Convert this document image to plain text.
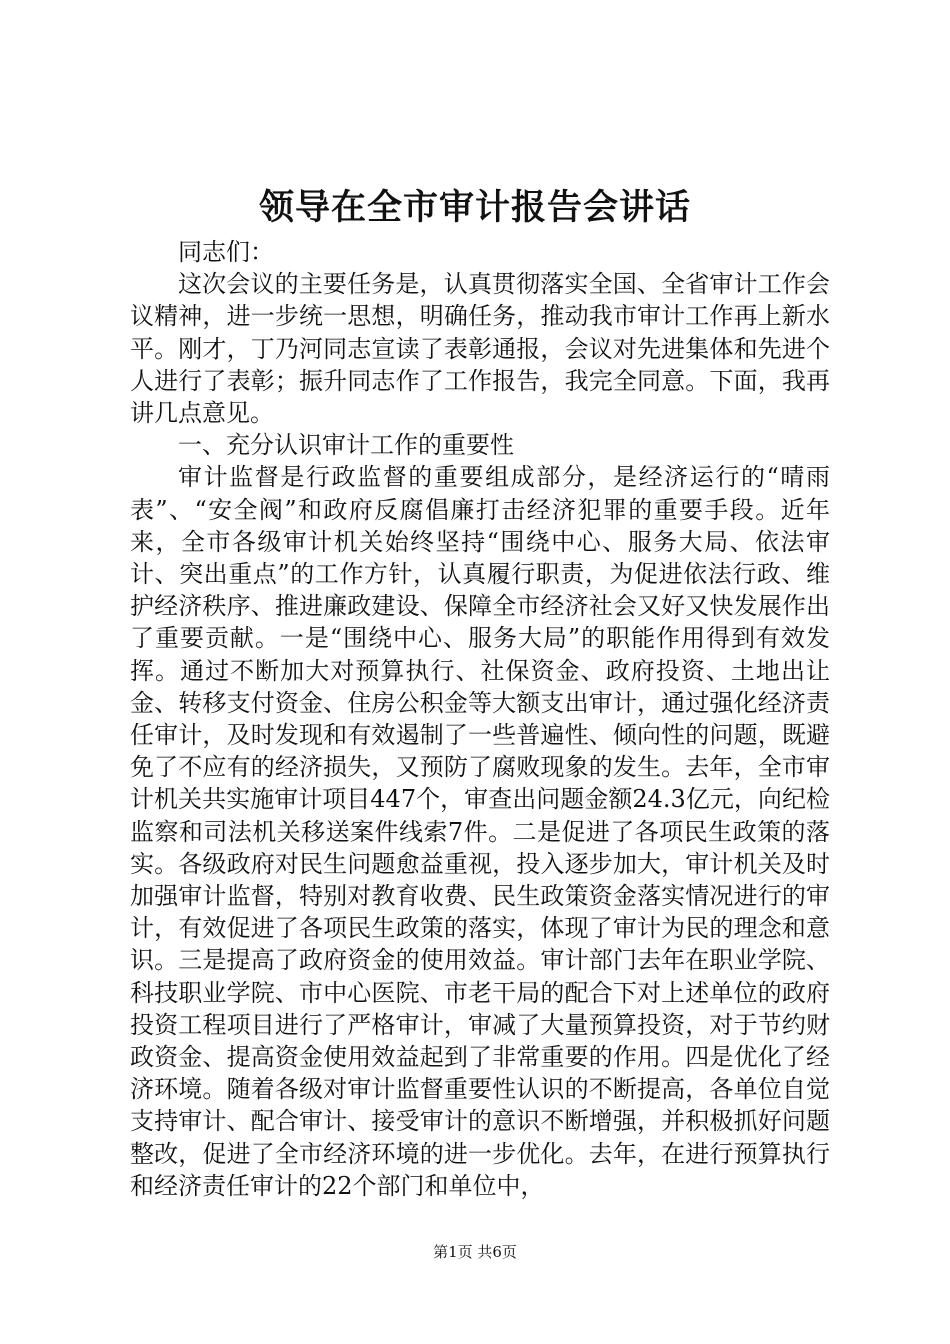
领导在全市审计报告会讲话

同志们：

这次会议的主要任务是，认真贯彻落实全国、全省审计工作会议精神，进一步统一思想，明确任务，推动我市审计工作再上新水平。刚才，丁乃河同志宣读了表彰通报，会议对先进集体和先进个人进行了表彰；振升同志作了工作报告，我完全同意。下面，我再讲几点意见。

一、充分认识审计工作的重要性

审计监督是行政监督的重要组成部分，是经济运行的“晴雨表”、“安全阀”和政府反腐倡廉打击经济犯罪的重要手段。近年来，全市各级审计机关始终坚持“围绕中心、服务大局、依法审计、突出重点”的工作方针，认真履行职责，为促进依法行政、维护经济秩序、推进廉政建设、保障全市经济社会又好又快发展作出了重要贡献。一是“围绕中心、服务大局”的职能作用得到有效发挥。通过不断加大对预算执行、社保资金、政府投资、土地出让金、转移支付资金、住房公积金等大额支出审计，通过强化经济责任审计，及时发现和有效遏制了一些普遍性、倾向性的问题，既避免了不应有的经济损失，又预防了腐败现象的发生。去年，全市审计机关共实施审计项目447个，审查出问题金额24.3亿元，向纪检监察和司法机关移送案件线索7件。二是促进了各项民生政策的落实。各级政府对民生问题愈益重视，投入逐步加大，审计机关及时加强审计监督，特别对教育收费、民生政策资金落实情况进行的审计，有效促进了各项民生政策的落实，体现了审计为民的理念和意识。三是提高了政府资金的使用效益。审计部门去年在职业学院、科技职业学院、市中心医院、市老干局的配合下对上述单位的政府投资工程项目进行了严格审计，审减了大量预算投资，对于节约财政资金、提高资金使用效益起到了非常重要的作用。四是优化了经济环境。随着各级对审计监督重要性认识的不断提高，各单位自觉支持审计、配合审计、接受审计的意识不断增强，并积极抓好问题整改，促进了全市经济环境的进一步优化。去年，在进行预算执行和经济责任审计的22个部门和单位中，

第1页 共6页
